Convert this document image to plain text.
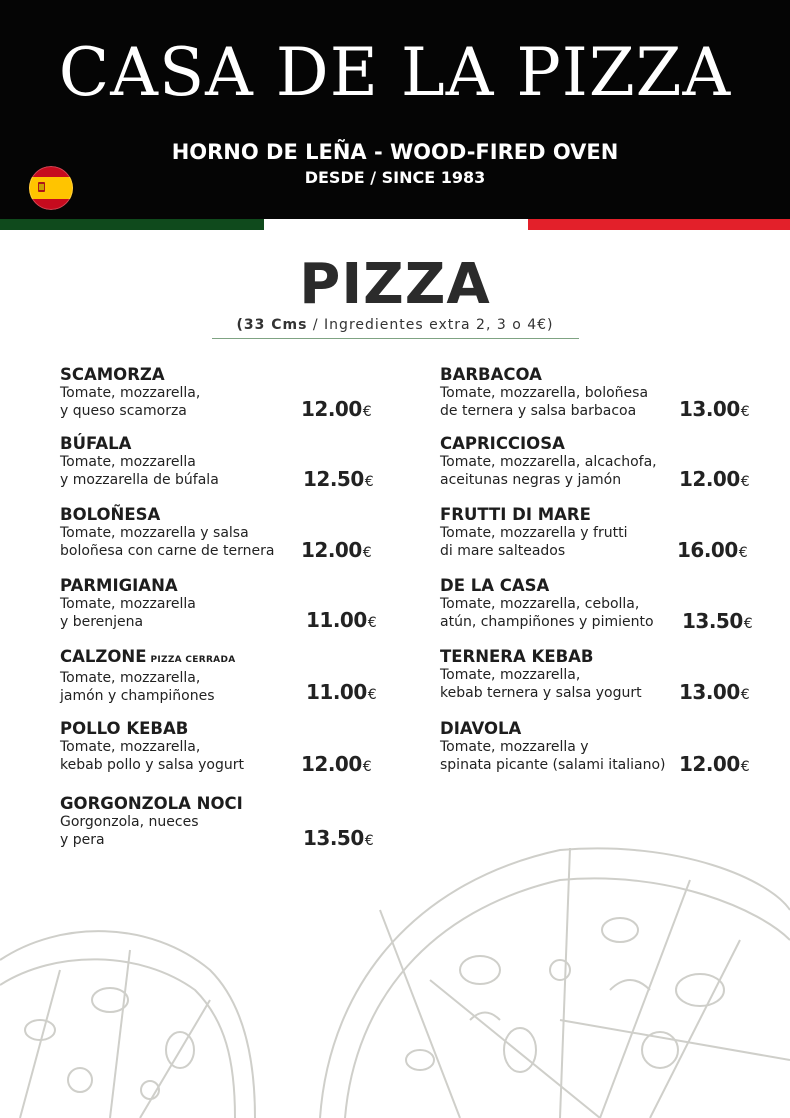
CASA DE LA PIZZA
HORNO DE LEÑA - WOOD-FIRED OVEN
DESDE / SINCE 1983
PIZZA
(33 Cms / Ingredientes extra 2, 3 o 4€)
SCAMORZA
Tomate, mozzarella,
y queso scamorza	12.00€
BÚFALA
Tomate, mozzarella
y mozzarella de búfala	12.50€
BOLOÑESA
Tomate, mozzarella y salsa
boloñesa con carne de ternera	12.00€
PARMIGIANA
Tomate, mozzarella
y berenjena	11.00€
CALZONE PIZZA CERRADA
Tomate, mozzarella,
jamón y champiñones	11.00€
POLLO KEBAB
Tomate, mozzarella,
kebab pollo y salsa yogurt	12.00€
GORGONZOLA NOCI
Gorgonzola, nueces
y pera	13.50€
BARBACOA
Tomate, mozzarella, boloñesa
de ternera y salsa barbacoa	13.00€
CAPRICCIOSA
Tomate, mozzarella, alcachofa,
aceitunas negras y jamón	12.00€
FRUTTI DI MARE
Tomate, mozzarella y frutti
di mare salteados	16.00€
DE LA CASA
Tomate, mozzarella, cebolla,
atún, champiñones y pimiento	13.50€
TERNERA KEBAB
Tomate, mozzarella,
kebab ternera y salsa yogurt	13.00€
DIAVOLA
Tomate, mozzarella y
spinata picante (salami italiano) 12.00€
